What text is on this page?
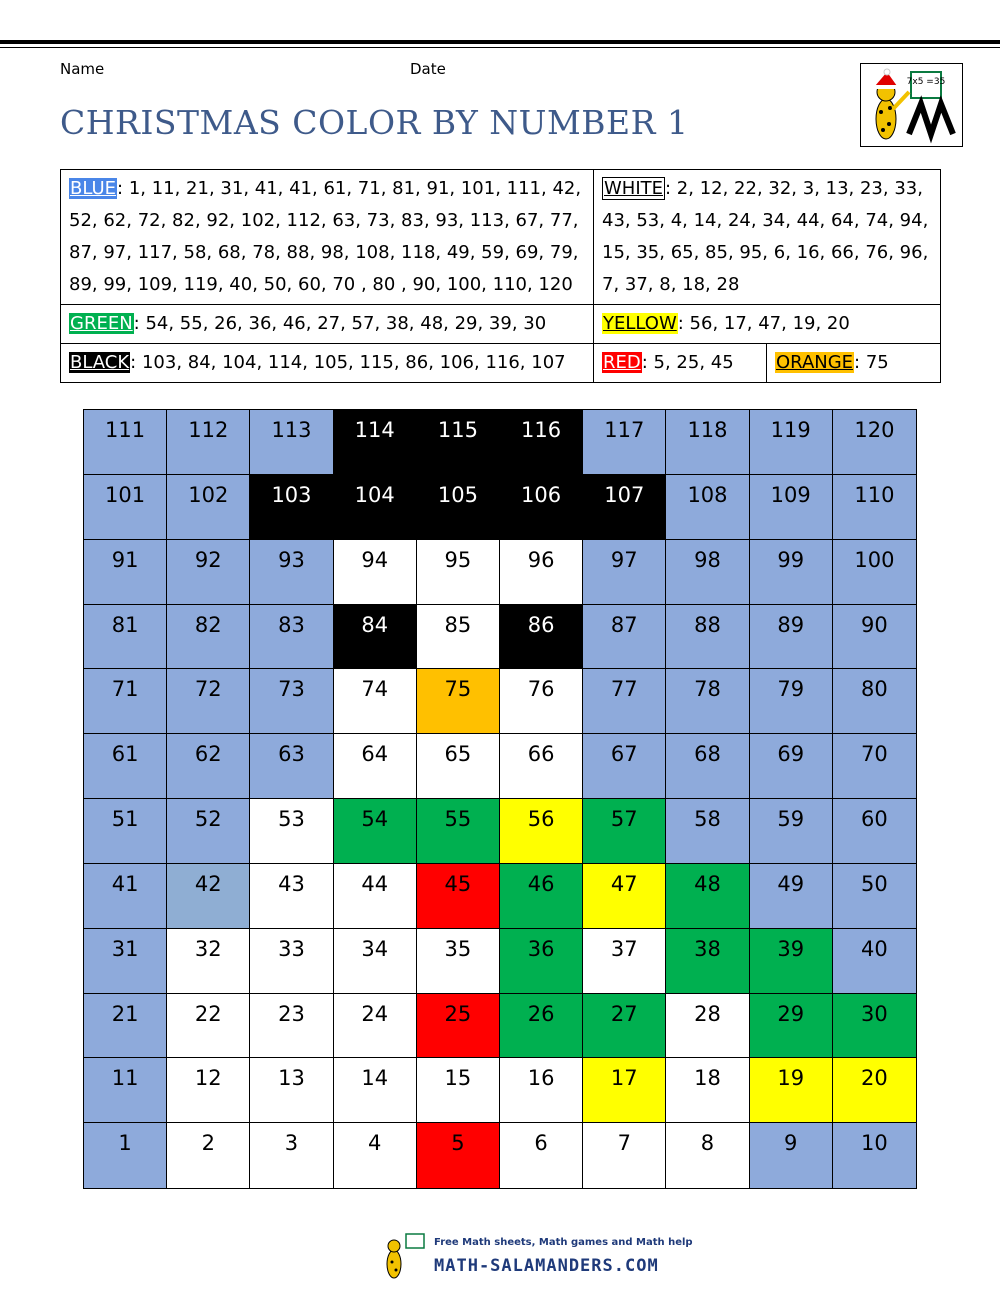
Name	Date
CHRISTMAS COLOR BY NUMBER 1
7x5 =35
BLUE: 1, 11, 21, 31, 41, 41, 61, 71, 81, 91, 101, 111, 42, 52, 62, 72, 82, 92, 102, 112, 63, 73, 83, 93, 113, 67, 77, 87, 97, 117, 58, 68, 78, 88, 98, 108, 118, 49, 59, 69, 79, 89, 99, 109, 119, 40, 50, 60, 70 , 80 , 90, 100, 110, 120	WHITE : 2, 12, 22, 32, 3, 13, 23, 33, 43, 53, 4, 14, 24, 34, 44, 64, 74, 94, 15, 35, 65, 85, 95, 6, 16, 66, 76, 96, 7, 37, 8, 18, 28	
GREEN: 54, 55, 26, 36, 46, 27, 57, 38, 48, 29, 39, 30	YELLOW: 56, 17, 47, 19, 20	
BLACK: 103, 84, 104, 114, 105, 115, 86, 106, 116, 107	RED: 5, 25, 45	ORANGE: 75
111	112	113	114	115	116	117	118	119	120
101	102	103	104	105	106	107	108	109	110
91	92	93	94	95	96	97	98	99	100
81	82	83	84	85	86	87	88	89	90
71	72	73	74	75	76	77	78	79	80
61	62	63	64	65	66	67	68	69	70
51	52	53	54	55	56	57	58	59	60
41	42	43	44	45	46	47	48	49	50
31	32	33	34	35	36	37	38	39	40
21	22	23	24	25	26	27	28	29	30
11	12	13	14	15	16	17	18	19	20
1	2	3	4	5	6	7	8	9	10
Free Math sheets, Math games and Math help
MATH-SALAMANDERS.COM
